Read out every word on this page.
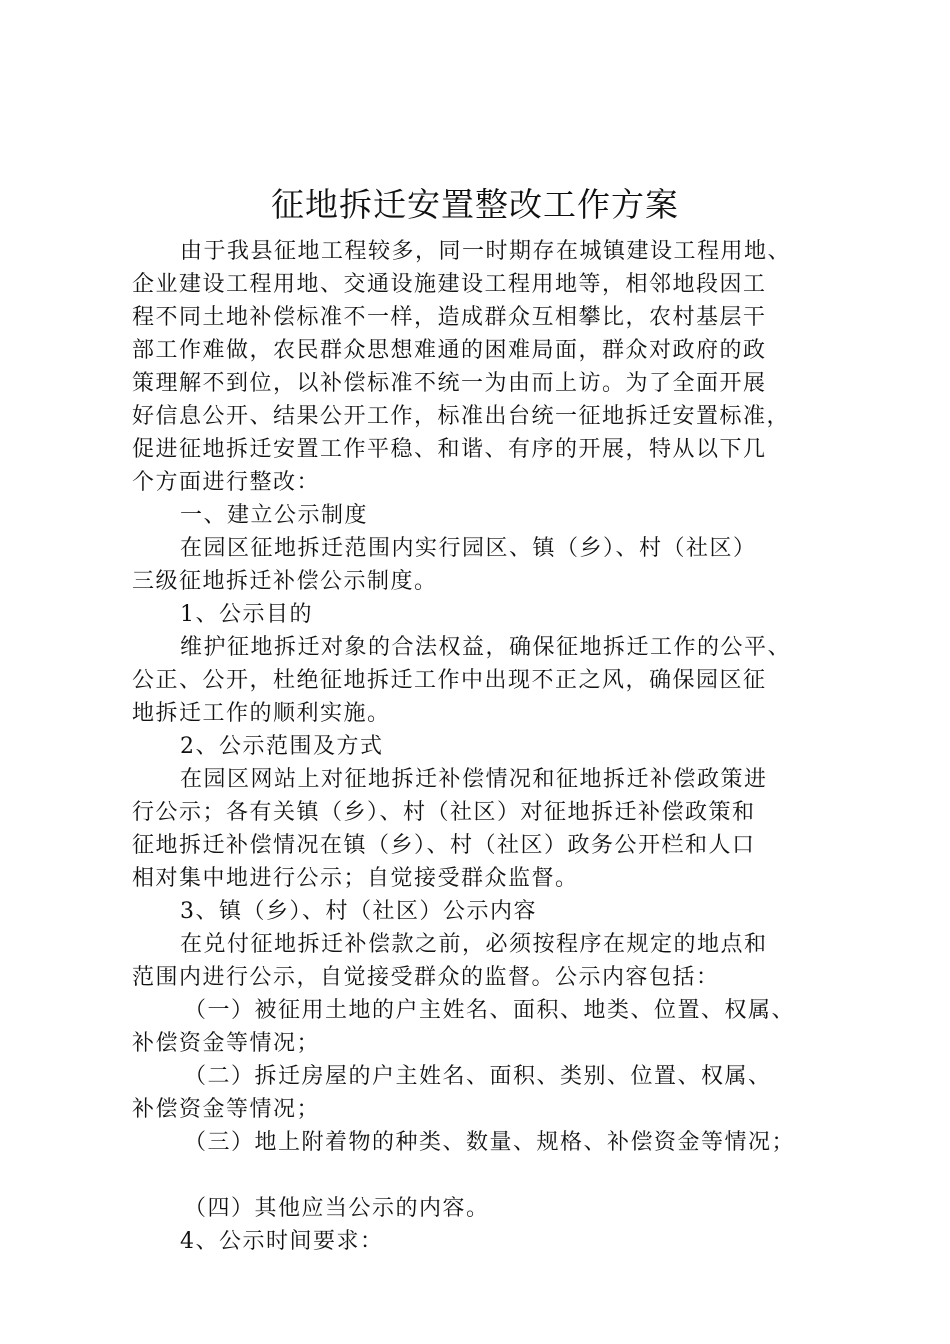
征地拆迁安置整改工作方案
由于我县征地工程较多，同一时期存在城镇建设工程用地、
企业建设工程用地、交通设施建设工程用地等，相邻地段因工
程不同土地补偿标准不一样，造成群众互相攀比，农村基层干
部工作难做，农民群众思想难通的困难局面，群众对政府的政
策理解不到位，以补偿标准不统一为由而上访。为了全面开展
好信息公开、结果公开工作，标准出台统一征地拆迁安置标准，
促进征地拆迁安置工作平稳、和谐、有序的开展，特从以下几
个方面进行整改：
一、建立公示制度
在园区征地拆迁范围内实行园区、镇（乡）、村（社区）
三级征地拆迁补偿公示制度。
1、公示目的
维护征地拆迁对象的合法权益，确保征地拆迁工作的公平、
公正、公开，杜绝征地拆迁工作中出现不正之风，确保园区征
地拆迁工作的顺利实施。
2、公示范围及方式
在园区网站上对征地拆迁补偿情况和征地拆迁补偿政策进
行公示；各有关镇（乡）、村（社区）对征地拆迁补偿政策和
征地拆迁补偿情况在镇（乡）、村（社区）政务公开栏和人口
相对集中地进行公示；自觉接受群众监督。
3、镇（乡）、村（社区）公示内容
在兑付征地拆迁补偿款之前，必须按程序在规定的地点和
范围内进行公示，自觉接受群众的监督。公示内容包括：
（一）被征用土地的户主姓名、面积、地类、位置、权属、
补偿资金等情况；
（二）拆迁房屋的户主姓名、面积、类别、位置、权属、
补偿资金等情况；
（三）地上附着物的种类、数量、规格、补偿资金等情况；
（四）其他应当公示的内容。
4、公示时间要求：
